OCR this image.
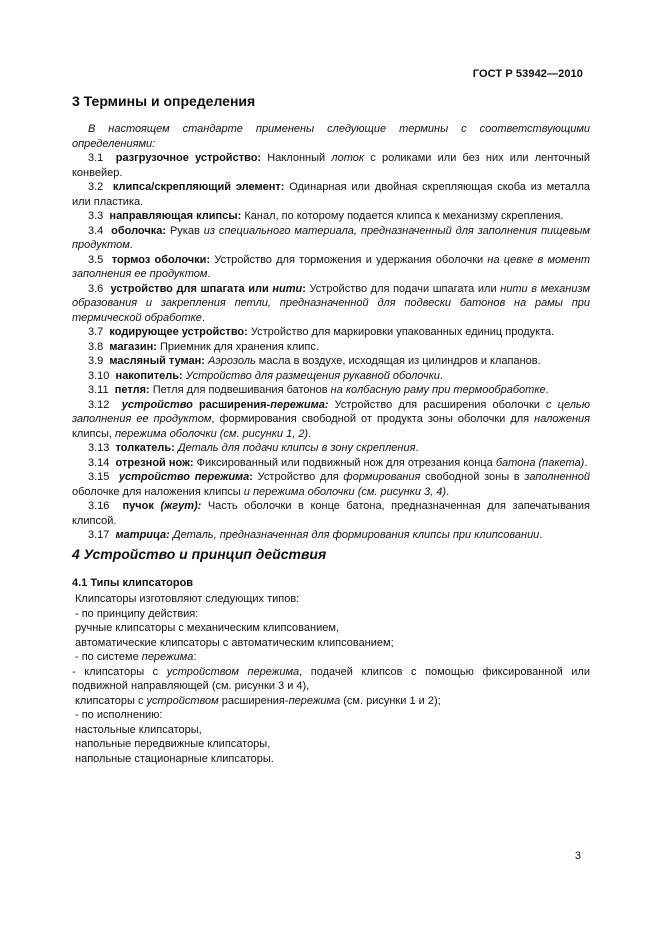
ГОСТ Р 53942—2010
3 Термины и определения

В настоящем стандарте применены следующие термины с соответствующими определениями:

3.1 разгрузочное устройство: Наклонный лоток с роликами или без них или ленточный конвейер.

3.2 клипса/скрепляющий элемент: Одинарная или двойная скрепляющая скоба из металла или пластика.

3.3 направляющая клипсы: Канал, по которому подается клипса к механизму скрепления.

3.4 оболочка: Рукав из специального материала, предназначенный для заполнения пищевым продуктом.

3.5 тормоз оболочки: Устройство для торможения и удержания оболочки на цевке в момент заполнения ее продуктом.

3.6 устройство для шпагата или нити: Устройство для подачи шпагата или нити в механизм образования и закрепления петли, предназначенной для подвески батонов на рамы при термической обработке.

3.7 кодирующее устройство: Устройство для маркировки упакованных единиц продукта.

3.8 магазин: Приемник для хранения клипс.

3.9 масляный туман: Аэрозоль масла в воздухе, исходящая из цилиндров и клапанов.

3.10 накопитель: Устройство для размещения рукавной оболочки.

3.11 петля: Петля для подвешивания батонов на колбасную раму при термообработке.

3.12 устройство расширения-пережима: Устройство для расширения оболочки с целью заполнения ее продуктом, формирования свободной от продукта зоны оболочки для наложения клипсы, пережима оболочки (см. рисунки 1, 2).

3.13 толкатель: Деталь для подачи клипсы в зону скрепления.

3.14 отрезной нож: Фиксированный или подвижный нож для отрезания конца батона (пакета).

3.15 устройство пережима: Устройство для формирования свободной зоны в заполненной оболочке для наложения клипсы и пережима оболочки (см. рисунки 3, 4).

3.16 пучок (жгут): Часть оболочки в конце батона, предназначенная для запечатывания клипсой.

3.17 матрица: Деталь, предназначенная для формирования клипсы при клипсовании.

4 Устройство и принцип действия
4.1 Типы клипсаторов

Клипсаторы изготовляют следующих типов:

- по принципу действия:

ручные клипсаторы с механическим клипсованием,

автоматические клипсаторы с автоматическим клипсованием;

- по системе пережима:

- клипсаторы с устройством пережима, подачей клипсов с помощью фиксированной или подвижной направляющей (см. рисунки 3 и 4),

клипсаторы с устройством расширения-пережима (см. рисунки 1 и 2);

- по исполнению:

настольные клипсаторы,

напольные передвижные клипсаторы,

напольные стационарные клипсаторы.

3
